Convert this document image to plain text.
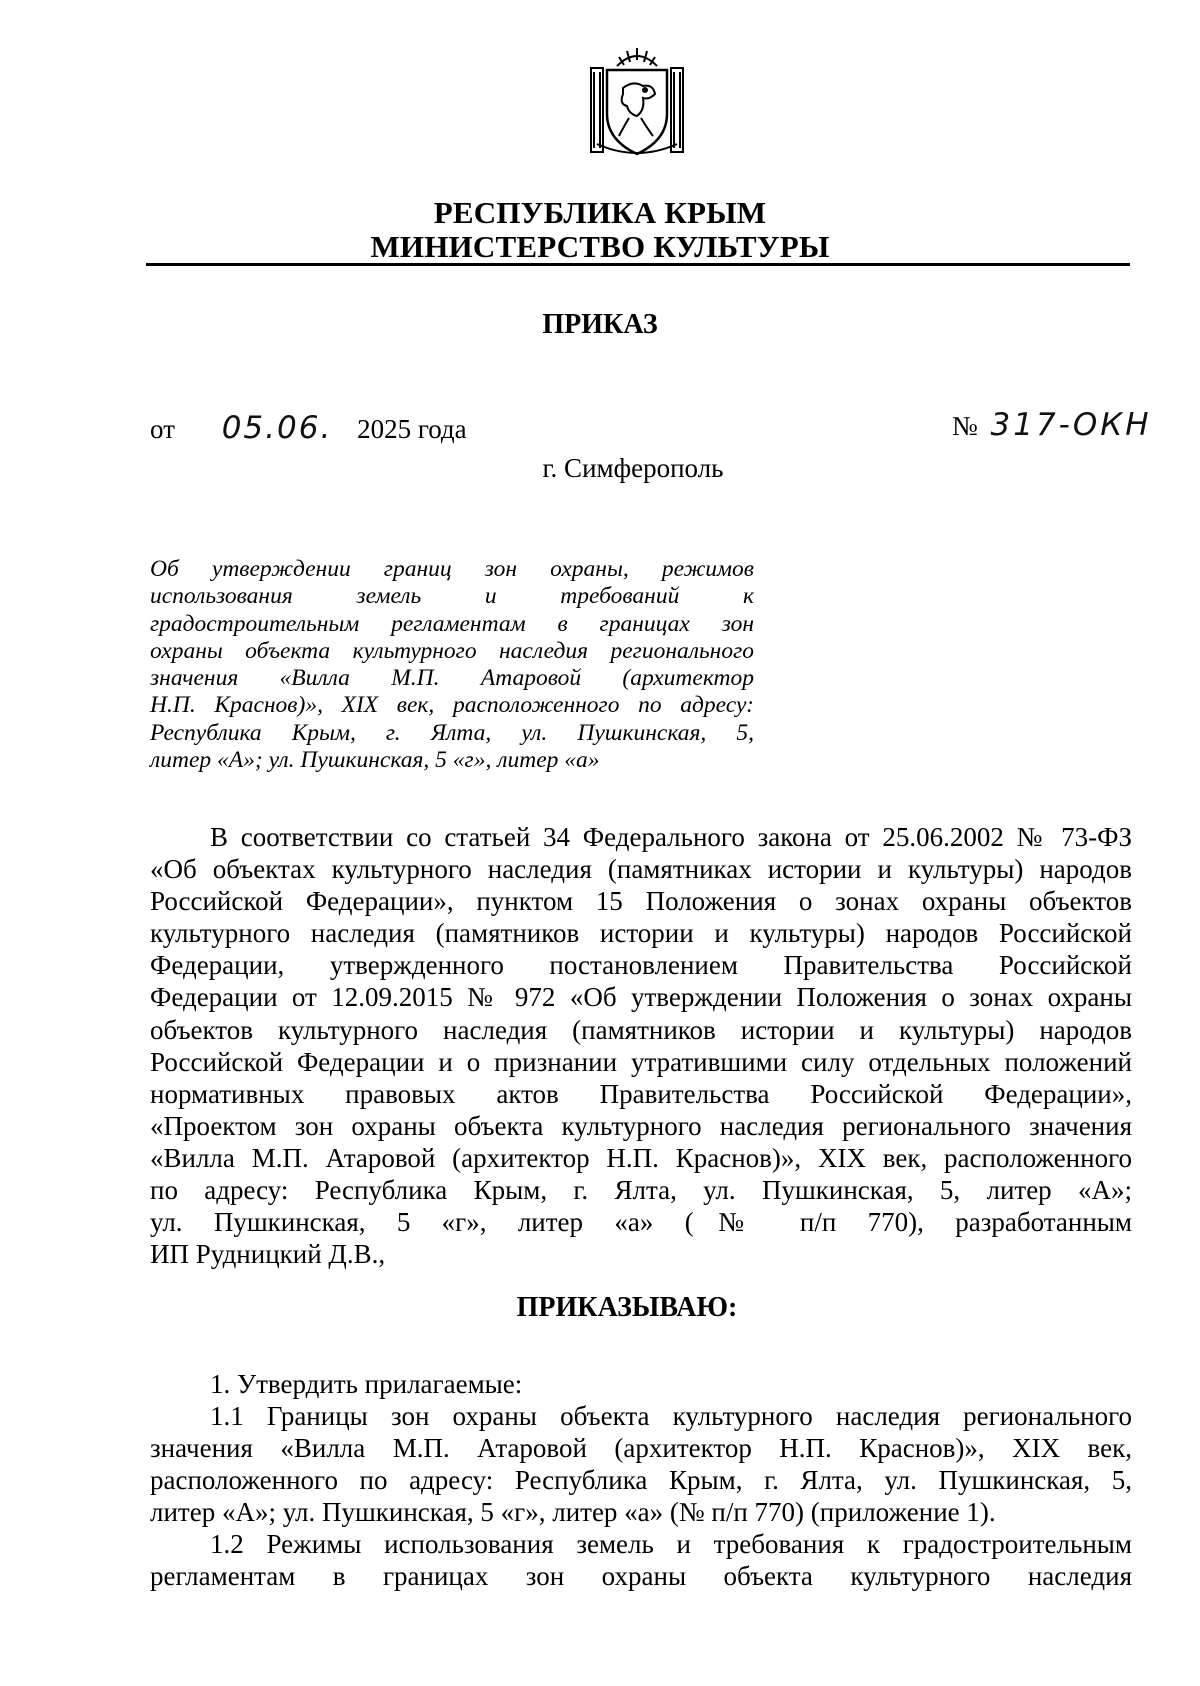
РЕСПУБЛИКА КРЫМ
МИНИСТЕРСТВО КУЛЬТУРЫ
ПРИКАЗ
от 05.06. 2025 года	№ 317-ОКН
г. Симферополь

Об утверждении границ зон охраны, режимов
использования земель и требований к
градостроительным регламентам в границах зон
охраны объекта культурного наследия регионального
значения «Вилла М.П. Атаровой (архитектор
Н.П. Краснов)», XIX век, расположенного по адресу:
Республика Крым, г. Ялта, ул. Пушкинская, 5,
литер «А»; ул. Пушкинская, 5 «г», литер «а»

В соответствии со статьей 34 Федерального закона от 25.06.2002 № 73-ФЗ
«Об объектах культурного наследия (памятниках истории и культуры) народов
Российской Федерации», пунктом 15 Положения о зонах охраны объектов
культурного наследия (памятников истории и культуры) народов Российской
Федерации, утвержденного постановлением Правительства Российской
Федерации от 12.09.2015 № 972 «Об утверждении Положения о зонах охраны
объектов культурного наследия (памятников истории и культуры) народов
Российской Федерации и о признании утратившими силу отдельных положений
нормативных правовых актов Правительства Российской Федерации»,
«Проектом зон охраны объекта культурного наследия регионального значения
«Вилла М.П. Атаровой (архитектор Н.П. Краснов)», XIX век, расположенного
по адресу: Республика Крым, г. Ялта, ул. Пушкинская, 5, литер «А»;
ул. Пушкинская, 5 «г», литер «а» (№ п/п 770), разработанным
ИП Рудницкий Д.В.,

ПРИКАЗЫВАЮ:

1. Утвердить прилагаемые:

1.1 Границы зон охраны объекта культурного наследия регионального
значения «Вилла М.П. Атаровой (архитектор Н.П. Краснов)», XIX век,
расположенного по адресу: Республика Крым, г. Ялта, ул. Пушкинская, 5,
литер «А»; ул. Пушкинская, 5 «г», литер «а» (№ п/п 770) (приложение 1).

1.2 Режимы использования земель и требования к градостроительным
регламентам в границах зон охраны объекта культурного наследия
